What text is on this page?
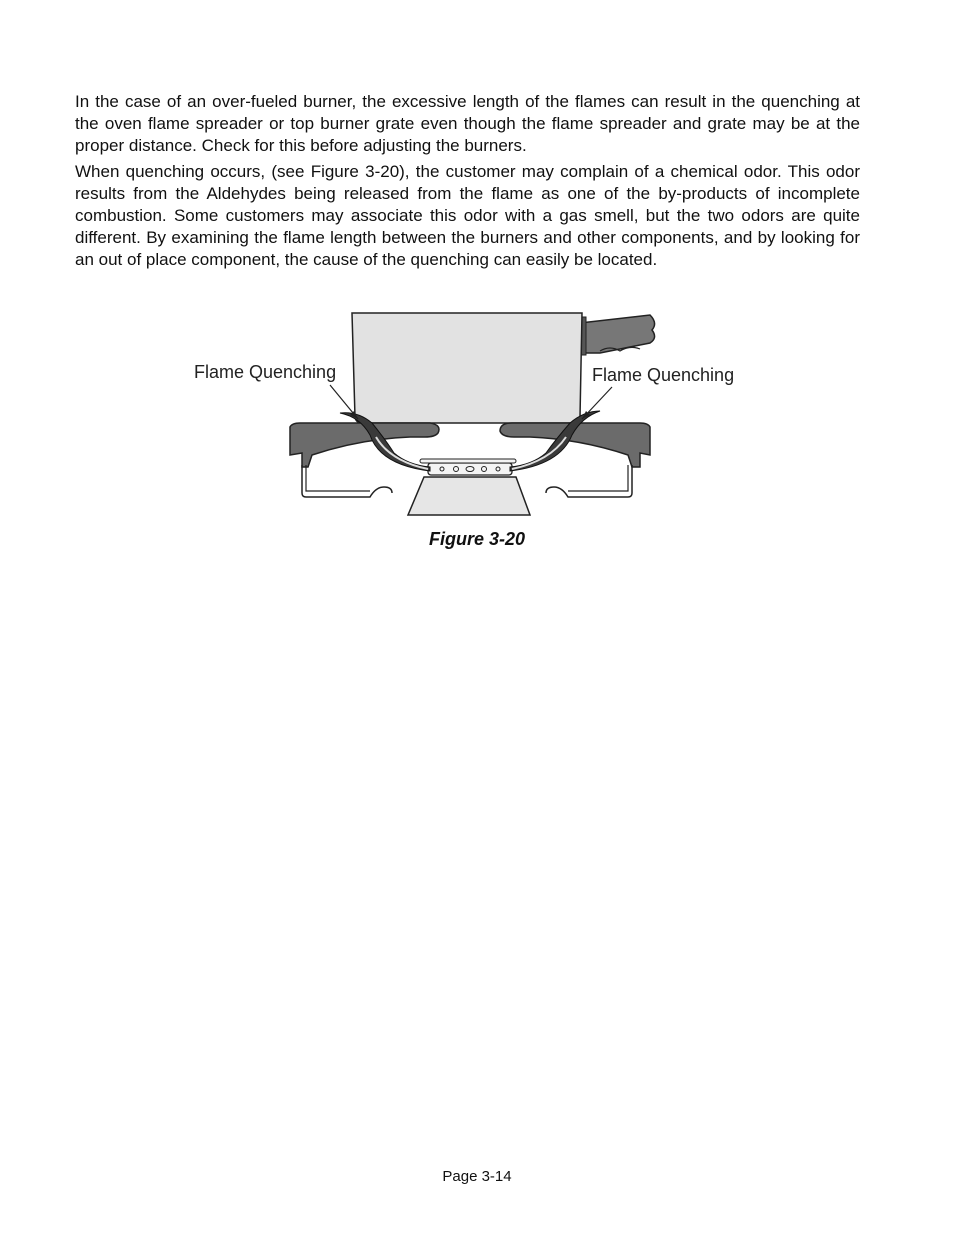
In the case of an over-fueled burner, the excessive length of the flames can result in the quenching at the oven flame spreader or top burner grate even though the flame spreader and grate may be at the proper distance. Check for this before adjusting the burners.

When quenching occurs, (see Figure 3-20), the customer may complain of a chemical odor. This odor results from the Aldehydes being released from the flame as one of the by-products of incomplete combustion. Some customers may associate this odor with a gas smell, but the two odors are quite different. By examining the flame length between the burners and other components, and by looking for an out of place component, the cause of the quenching can easily be located.

Flame Quenching	Flame Quenching
Figure 3-20
Page 3-14
